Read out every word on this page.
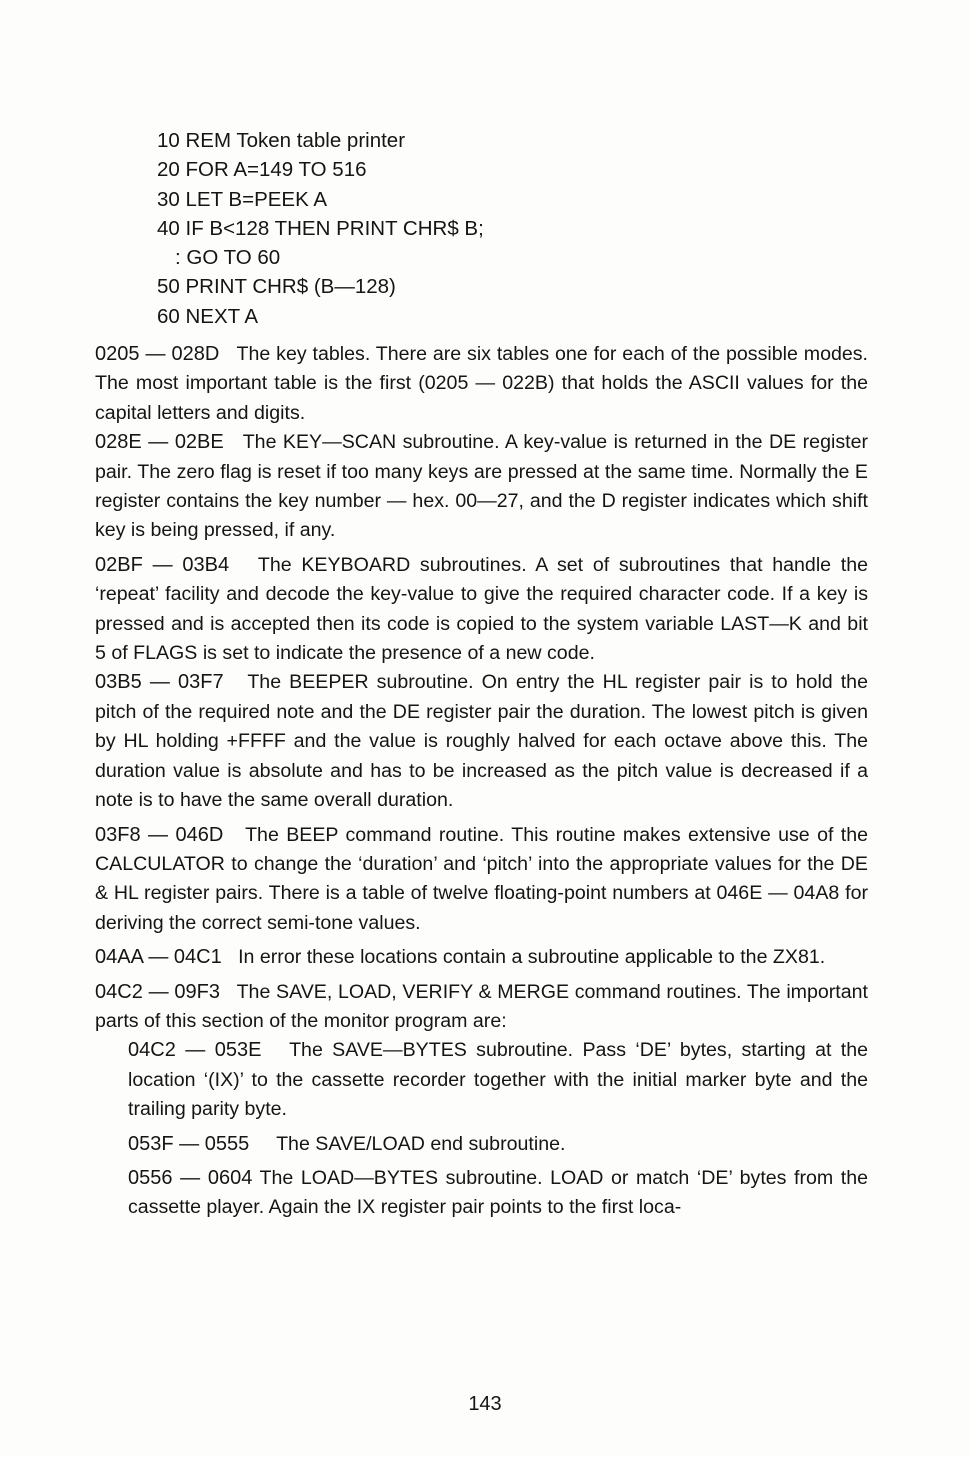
10 REM Token table printer
20 FOR A=149 TO 516
30 LET B=PEEK A
40 IF B<128 THEN PRINT CHR$ B;
: GO TO 60
50 PRINT CHR$ (B—128)
60 NEXT A

0205 — 028D The key tables. There are six tables one for each of the possible modes. The most important table is the first (0205 — 022B) that holds the ASCII values for the capital letters and digits.

028E — 02BE The KEY—SCAN subroutine. A key-value is returned in the DE register pair. The zero flag is reset if too many keys are pressed at the same time. Normally the E register contains the key number — hex. 00—27, and the D register indicates which shift key is being pressed, if any.

02BF — 03B4 The KEYBOARD subroutines. A set of subroutines that handle the ‘repeat’ facility and decode the key-value to give the required character code. If a key is pressed and is accepted then its code is copied to the system variable LAST—K and bit 5 of FLAGS is set to indicate the presence of a new code.

03B5 — 03F7 The BEEPER subroutine. On entry the HL register pair is to hold the pitch of the required note and the DE register pair the duration. The lowest pitch is given by HL holding +FFFF and the value is roughly halved for each octave above this. The duration value is absolute and has to be increased as the pitch value is decreased if a note is to have the same overall duration.

03F8 — 046D The BEEP command routine. This routine makes extensive use of the CALCULATOR to change the ‘duration’ and ‘pitch’ into the appropriate values for the DE & HL register pairs. There is a table of twelve floating-point numbers at 046E — 04A8 for deriving the correct semi-tone values.

04AA — 04C1 In error these locations contain a subroutine applicable to the ZX81.

04C2 — 09F3 The SAVE, LOAD, VERIFY & MERGE command routines. The important parts of this section of the monitor program are:

04C2 — 053E The SAVE—BYTES subroutine. Pass ‘DE’ bytes, starting at the location ‘(IX)’ to the cassette recorder together with the initial marker byte and the trailing parity byte.

053F — 0555 The SAVE/LOAD end subroutine.

0556 — 0604 The LOAD—BYTES subroutine. LOAD or match ‘DE’ bytes from the cassette player. Again the IX register pair points to the first loca-

143
